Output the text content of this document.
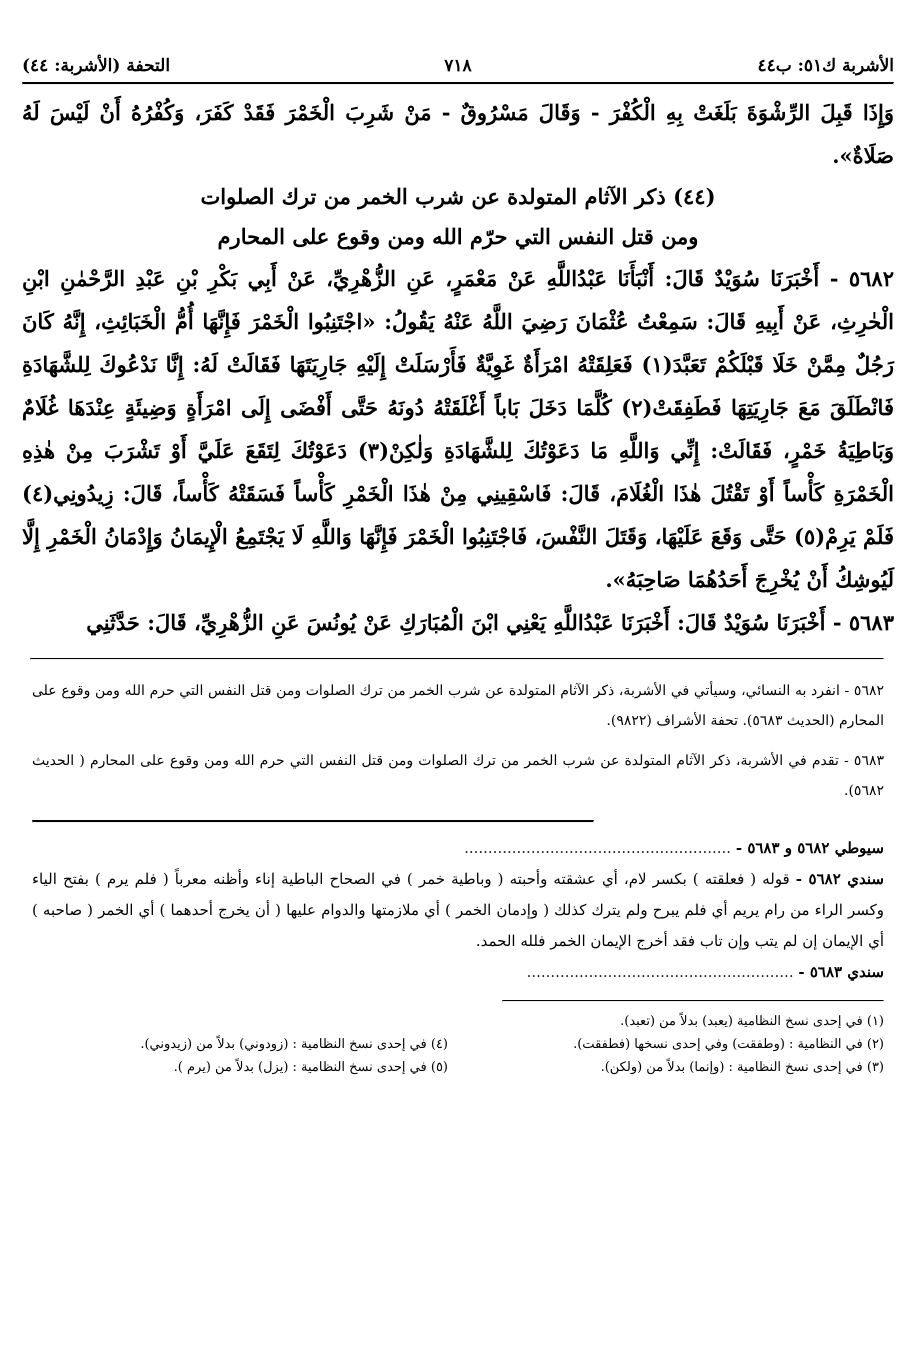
الأشربة ك٥١: ب٤٤
٧١٨
التحفة (الأشربة: ٤٤)

وَإِذَا قَبِلَ الرِّشْوَةَ بَلَغَتْ بِهِ الْكُفْرَ - وَقَالَ مَسْرُوقٌ - مَنْ شَرِبَ الْخَمْرَ فَقَدْ كَفَرَ، وَكُفْرُهُ أَنْ لَيْسَ لَهُ صَلَاةٌ».

(٤٤) ذكر الآثام المتولدة عن شرب الخمر من ترك الصلوات

ومن قتل النفس التي حرّم الله ومن وقوع على المحارم

٥٦٨٢ - أَخْبَرَنَا سُوَيْدٌ قَالَ: أَنْبَأَنَا عَبْدُاللَّهِ عَنْ مَعْمَرٍ، عَنِ الزُّهْرِيِّ، عَنْ أَبِي بَكْرِ بْنِ عَبْدِ الرَّحْمٰنِ ابْنِ الْحٰرِثِ، عَنْ أَبِيهِ قَالَ: سَمِعْتُ عُثْمَانَ رَضِيَ اللَّهُ عَنْهُ يَقُولُ: «اجْتَنِبُوا الْخَمْرَ فَإِنَّهَا أُمُّ الْخَبَائِثِ، إِنَّهُ كَانَ رَجُلٌ مِمَّنْ خَلَا قَبْلَكُمْ تَعَبَّدَ(١) فَعَلِقَتْهُ امْرَأَةٌ غَوِيَّةٌ فَأَرْسَلَتْ إِلَيْهِ جَارِيَتَهَا فَقَالَتْ لَهُ: إِنَّا نَدْعُوكَ لِلشَّهَادَةِ فَانْطَلَقَ مَعَ جَارِيَتِهَا فَطَفِقَتْ(٢) كُلَّمَا دَخَلَ بَاباً أَغْلَقَتْهُ دُونَهُ حَتَّى أَفْضَى إِلَى امْرَأَةٍ وَضِيئَةٍ عِنْدَهَا غُلَامٌ وَبَاطِيَةُ خَمْرٍ، فَقَالَتْ: إِنِّي وَاللَّهِ مَا دَعَوْتُكَ لِلشَّهَادَةِ وَلٰكِنْ(٣) دَعَوْتُكَ لِتَقَعَ عَلَيَّ أَوْ تَشْرَبَ مِنْ هٰذِهِ الْخَمْرَةِ كَأْساً أَوْ تَقْتُلَ هٰذَا الْغُلَامَ، قَالَ: فَاسْقِينِي مِنْ هٰذَا الْخَمْرِ كَأْساً فَسَقَتْهُ كَأْساً، قَالَ: زِيدُونِي(٤) فَلَمْ يَرِمْ(٥) حَتَّى وَقَعَ عَلَيْهَا، وَقَتَلَ النَّفْسَ، فَاجْتَنِبُوا الْخَمْرَ فَإِنَّهَا وَاللَّهِ لَا يَجْتَمِعُ الْإِيمَانُ وَإِدْمَانُ الْخَمْرِ إِلَّا لَيُوشِكُ أَنْ يُخْرِجَ أَحَدُهُمَا صَاحِبَهُ».

٥٦٨٣ - أَخْبَرَنَا سُوَيْدٌ قَالَ: أَخْبَرَنَا عَبْدُاللَّهِ يَعْنِي ابْنَ الْمُبَارَكِ عَنْ يُونُسَ عَنِ الزُّهْرِيِّ، قَالَ: حَدَّثَنِي

٥٦٨٢ - انفرد به النسائي، وسيأتي في الأشربة، ذكر الآثام المتولدة عن شرب الخمر من ترك الصلوات ومن قتل النفس التي حرم الله ومن وقوع على المحارم (الحديث ٥٦٨٣). تحفة الأشراف (٩٨٢٢).

٥٦٨٣ - تقدم في الأشربة، ذكر الآثام المتولدة عن شرب الخمر من ترك الصلوات ومن قتل النفس التي حرم الله ومن وقوع على المحارم ( الحديث ٥٦٨٢).

سيوطي ٥٦٨٢ و ٥٦٨٣ - ........................................................

سندي ٥٦٨٢ - قوله ( فعلقته ) بكسر لام، أي عشقته وأحبته ( وباطية خمر ) في الصحاح الباطية إناء وأظنه معرباً ( فلم يرم ) بفتح الياء وكسر الراء من رام يريم أي فلم يبرح ولم يترك كذلك ( وإدمان الخمر ) أي ملازمتها والدوام عليها ( أن يخرج أحدهما ) أي الخمر ( صاحبه ) أي الإيمان إن لم يتب وإن تاب فقد أخرج الإيمان الخمر فلله الحمد.

سندي ٥٦٨٣ - ........................................................

(١) في إحدى نسخ النظامية (يعبد) بدلاً من (تعبد).
(٢) في النظامية : (وطفقت) وفي إحدى نسخها (فطفقت).
(٤) في إحدى نسخ النظامية : (زودوني) بدلاً من (زيدوني).
(٣) في إحدى نسخ النظامية : (وإنما) بدلاً من (ولكن).
(٥) في إحدى نسخ النظامية : (يزل) بدلاً من (يرم ).
